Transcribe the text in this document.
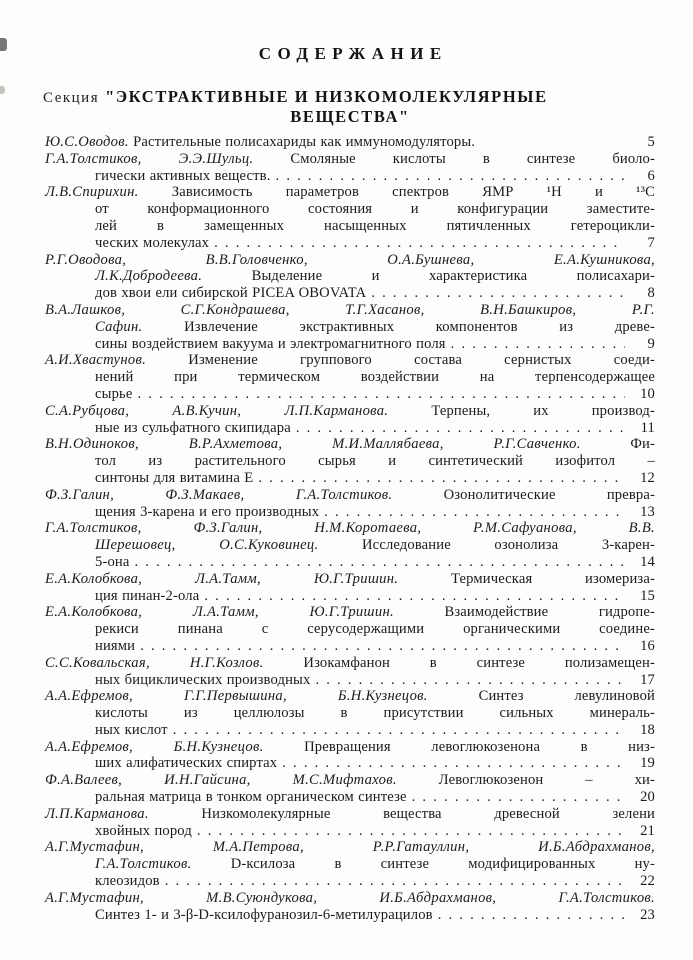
СОДЕРЖАНИЕ
Секция "ЭКСТРАКТИВНЫЕ И НИЗКОМОЛЕКУЛЯРНЫЕ
ВЕЩЕСТВА"
Ю.С.Оводов. Растительные полисахариды как иммуномодуляторы.	5
Г.А.Толстиков, Э.Э.Шульц. Смоляные кислоты в синтезе биоло-
гически активных веществ. . . .	6
Л.В.Спирихин. Зависимость параметров спектров ЯМР ¹Н и ¹³С
от конформационного состояния и конфигурации заместите-
лей в замещенных насыщенных пятичленных гетероцикли-
ческих молекулах . . .	7
Р.Г.Оводова, В.В.Головченко, О.А.Бушнева, Е.А.Кушникова,
Л.К.Добродеева. Выделение и характеристика полисахари-
дов хвои ели сибирской PICEA OBOVATA . . .	8
В.А.Лашков, С.Г.Кондрашева, Т.Г.Хасанов, В.Н.Башкиров, Р.Г.
Сафин. Извлечение экстрактивных компонентов из древе-
сины воздействием вакуума и электромагнитного поля . . .	9
А.И.Хвастунов. Изменение группового состава сернистых соеди-
нений при термическом воздействии на терпенсодержащее
сырье . . .	10
С.А.Рубцова, А.В.Кучин, Л.П.Карманова. Терпены, их производ-
ные из сульфатного скипидара . . .	11
В.Н.Одиноков, В.Р.Ахметова, М.И.Маллябаева, Р.Г.Савченко. Фи-
тол из растительного сырья и синтетический изофитол –
синтоны для витамина Е . . .	12
Ф.З.Галин, Ф.З.Макаев, Г.А.Толстиков. Озонолитические превра-
щения 3-карена и его производных . . .	13
Г.А.Толстиков, Ф.З.Галин, Н.М.Коротаева, Р.М.Сафуанова, В.В.
Шерешовец, О.С.Куковинец. Исследование озонолиза 3-карен-
5-она . . .	14
Е.А.Колобкова, Л.А.Тамм, Ю.Г.Тришин. Термическая изомериза-
ция пинан-2-ола . . .	15
Е.А.Колобкова, Л.А.Тамм, Ю.Г.Тришин. Взаимодействие гидропе-
рекиси пинана с серусодержащими органическими соедине-
ниями . . .	16
С.С.Ковальская, Н.Г.Козлов. Изокамфанон в синтезе полизамещен-
ных бициклических производных . . .	17
А.А.Ефремов, Г.Г.Первышина, Б.Н.Кузнецов. Синтез левулиновой
кислоты из целлюлозы в присутствии сильных минераль-
ных кислот . . .	18
А.А.Ефремов, Б.Н.Кузнецов. Превращения левоглюкозенона в низ-
ших алифатических спиртах . . .	19
Ф.А.Валеев, И.Н.Гайсина, М.С.Мифтахов. Левоглюкозенон – хи-
ральная матрица в тонком органическом синтезе . . .	20
Л.П.Карманова. Низкомолекулярные вещества древесной зелени
хвойных пород . . .	21
А.Г.Мустафин, М.А.Петрова, Р.Р.Гатауллин, И.Б.Абдрахманов,
Г.А.Толстиков. D-ксилоза в синтезе модифицированных ну-
клеозидов . . .	22
А.Г.Мустафин, М.В.Суюндукова, И.Б.Абдрахманов, Г.А.Толстиков.
Синтез 1- и 3-β-D-ксилофуранозил-6-метилурацилов . . .	23
